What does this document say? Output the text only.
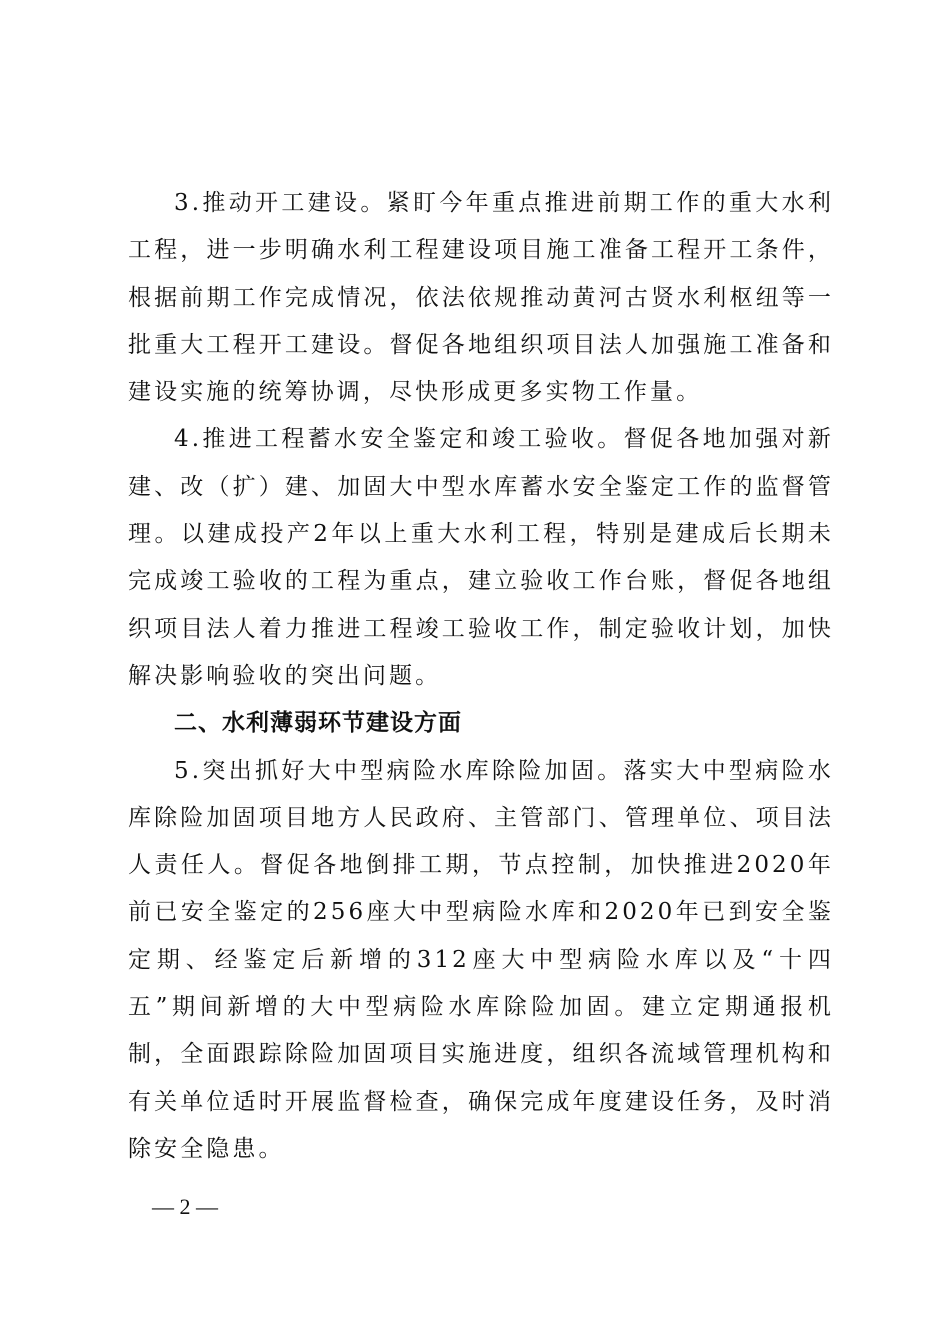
3.推动开工建设。紧盯今年重点推进前期工作的重大水利工程，进一步明确水利工程建设项目施工准备工程开工条件，根据前期工作完成情况，依法依规推动黄河古贤水利枢纽等一批重大工程开工建设。督促各地组织项目法人加强施工准备和建设实施的统筹协调，尽快形成更多实物工作量。

4.推进工程蓄水安全鉴定和竣工验收。督促各地加强对新建、改（扩）建、加固大中型水库蓄水安全鉴定工作的监督管理。以建成投产2年以上重大水利工程，特别是建成后长期未完成竣工验收的工程为重点，建立验收工作台账，督促各地组织项目法人着力推进工程竣工验收工作，制定验收计划，加快解决影响验收的突出问题。

二、水利薄弱环节建设方面

5.突出抓好大中型病险水库除险加固。落实大中型病险水库除险加固项目地方人民政府、主管部门、管理单位、项目法人责任人。督促各地倒排工期，节点控制，加快推进2020年前已安全鉴定的256座大中型病险水库和2020年已到安全鉴定期、经鉴定后新增的312座大中型病险水库以及“十四五”期间新增的大中型病险水库除险加固。建立定期通报机制，全面跟踪除险加固项目实施进度，组织各流域管理机构和有关单位适时开展监督检查，确保完成年度建设任务，及时消除安全隐患。

— 2 —
